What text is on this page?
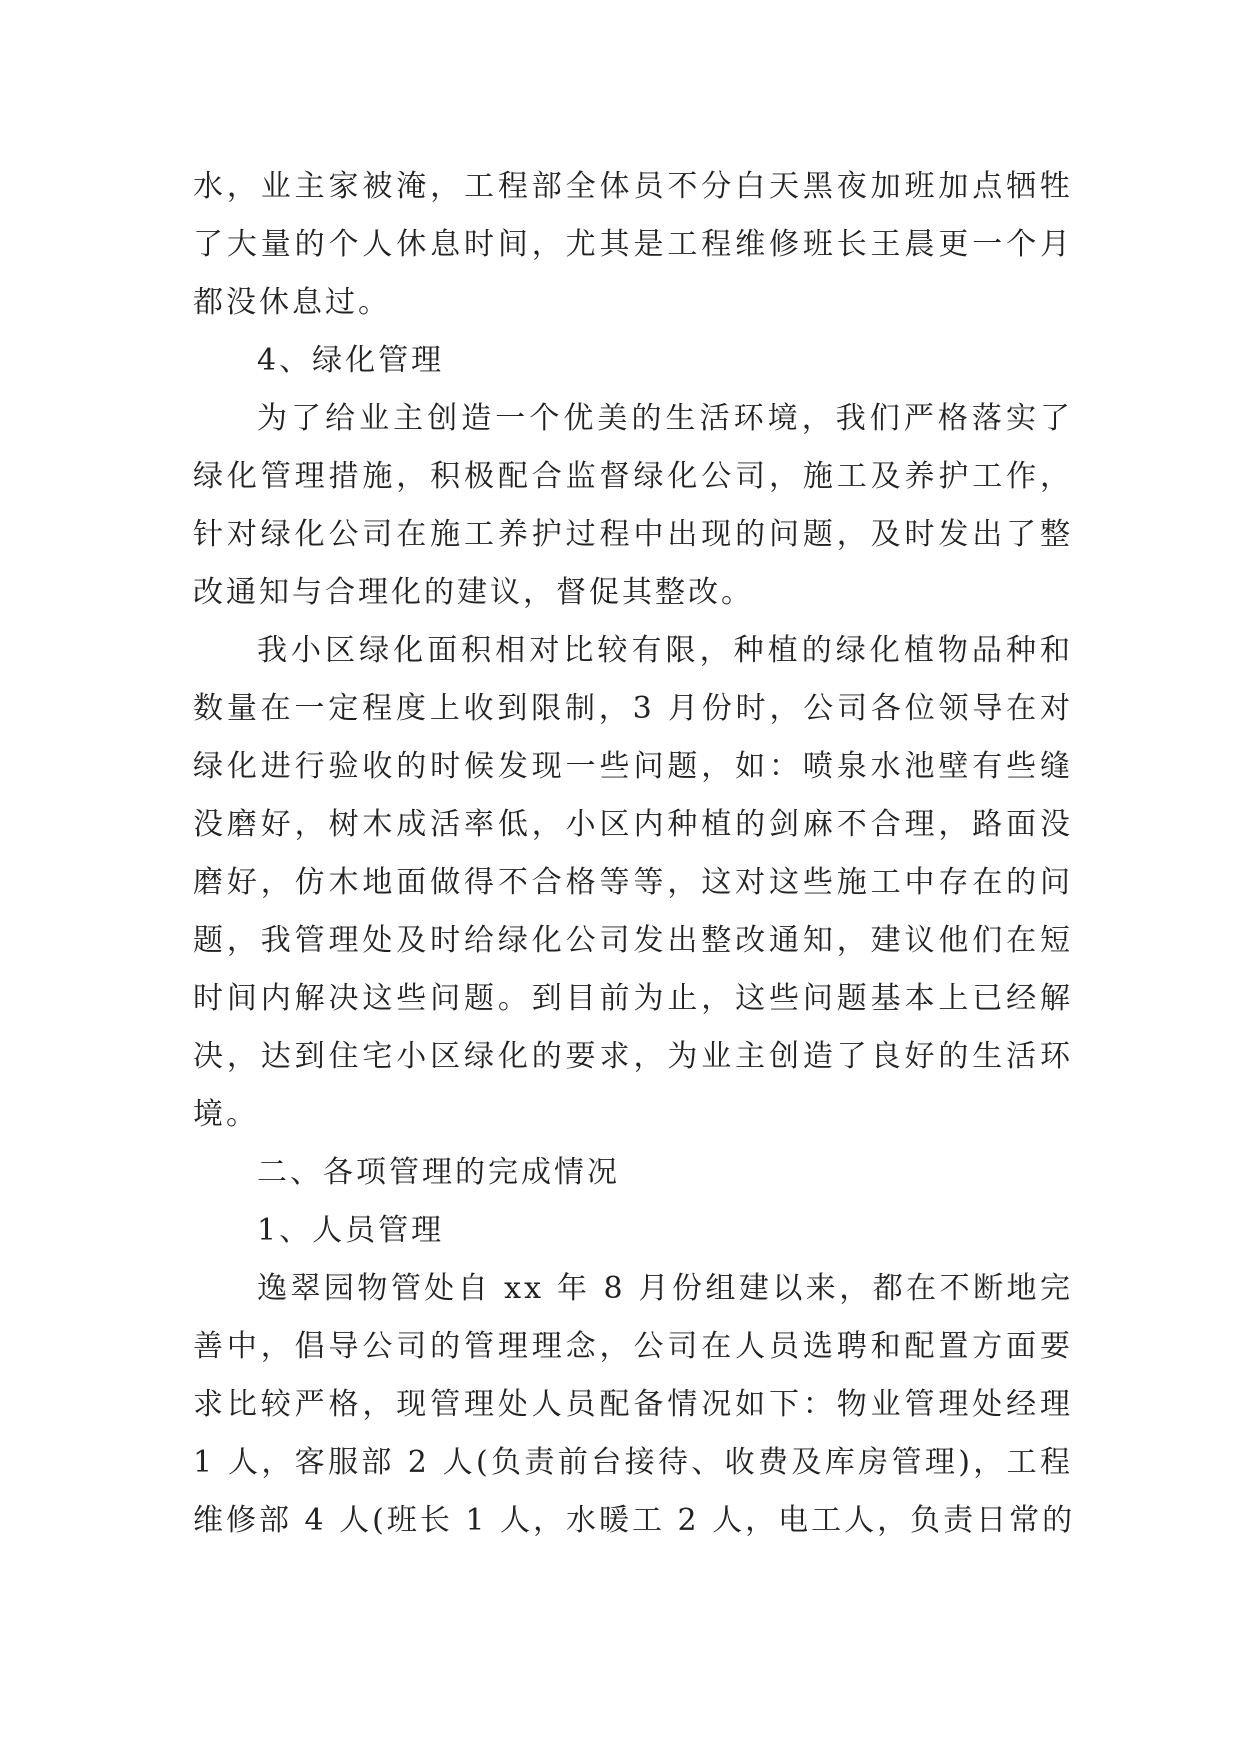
水，业主家被淹，工程部全体员不分白天黑夜加班加点牺牲
了大量的个人休息时间，尤其是工程维修班长王晨更一个月
都没休息过。
4、绿化管理
为了给业主创造一个优美的生活环境，我们严格落实了
绿化管理措施，积极配合监督绿化公司，施工及养护工作，
针对绿化公司在施工养护过程中出现的问题，及时发出了整
改通知与合理化的建议，督促其整改。
我小区绿化面积相对比较有限，种植的绿化植物品种和
数量在一定程度上收到限制，3 月份时，公司各位领导在对
绿化进行验收的时候发现一些问题，如：喷泉水池壁有些缝
没磨好，树木成活率低，小区内种植的剑麻不合理，路面没
磨好，仿木地面做得不合格等等，这对这些施工中存在的问
题，我管理处及时给绿化公司发出整改通知，建议他们在短
时间内解决这些问题。到目前为止，这些问题基本上已经解
决，达到住宅小区绿化的要求，为业主创造了良好的生活环
境。
二、各项管理的完成情况
1、人员管理
逸翠园物管处自 xx 年 8 月份组建以来，都在不断地完
善中，倡导公司的管理理念，公司在人员选聘和配置方面要
求比较严格，现管理处人员配备情况如下：物业管理处经理
1 人，客服部 2 人(负责前台接待、收费及库房管理)，工程
维修部 4 人(班长 1 人，水暖工 2 人，电工人，负责日常的
